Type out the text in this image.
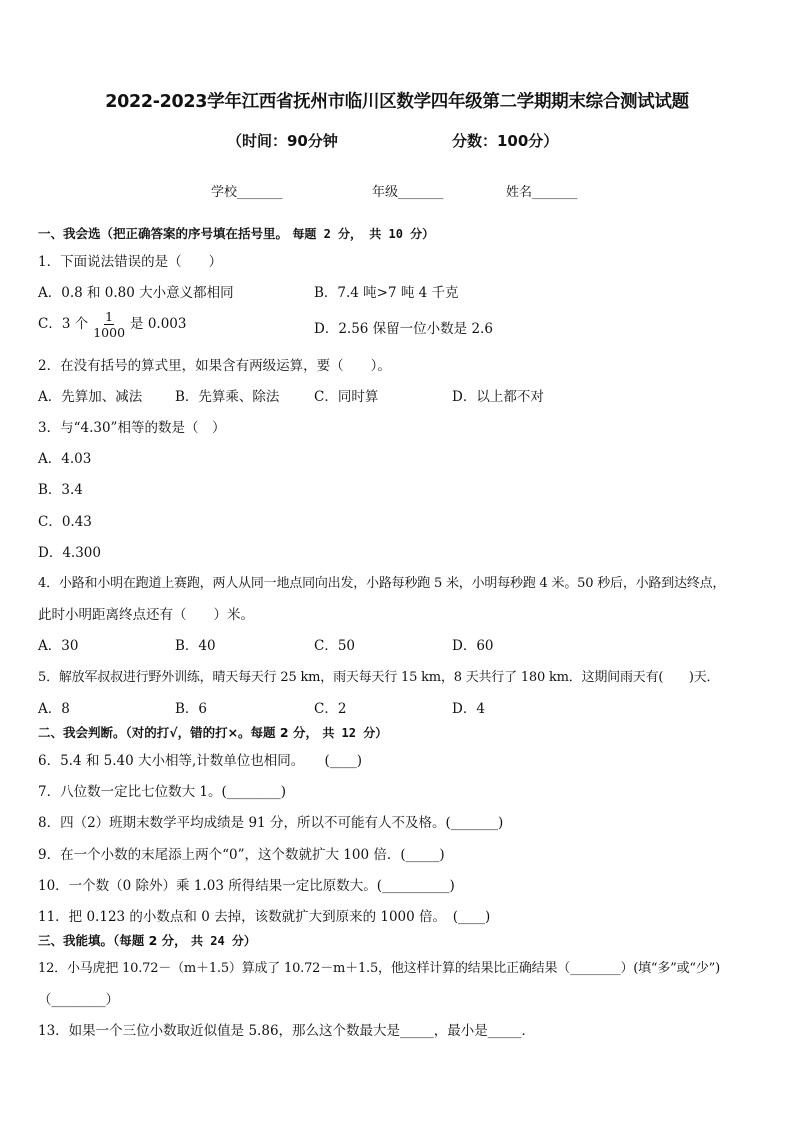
2022-2023学年江西省抚州市临川区数学四年级第二学期期末综合测试试题
（时间：90分钟	分数：100分）
学校_______	年级_______	姓名_______
一、我会选（把正确答案的序号填在括号里。 每题 2 分， 共 10 分）
1．下面说法错误的是（　　）
A．0.8 和 0.80 大小意义都相同	B．7.4 吨>7 吨 4 千克
C．3 个 $\frac{1}{1000}$ 是 0.003	D．2.56 保留一位小数是 2.6
2．在没有括号的算式里，如果含有两级运算，要（　　）。
A．先算加、减法 B．先算乘、除法	C．同时算	D．以上都不对
3．与“4.30”相等的数是（　）
A．4.03
B．3.4
C．0.43
D．4.300
4．小路和小明在跑道上赛跑，两人从同一地点同向出发，小路每秒跑 5 米，小明每秒跑 4 米。50 秒后，小路到达终点，
此时小明距离终点还有（　　）米。
A．30	B．40	C．50	D．60
5．解放军叔叔进行野外训练，晴天每天行 25 km，雨天每天行 15 km，8 天共行了 180 km．这期间雨天有(　　)天．
A．8	B．6	C．2	D．4
二、我会判断。（对的打√，错的打×。每题 2 分， 共 12 分）
6．5.4 和 5.40 大小相等,计数单位也相同。　　(____)
7．八位数一定比七位数大 1。(________)
8．四（2）班期末数学平均成绩是 91 分，所以不可能有人不及格。(_______)
9．在一个小数的末尾添上两个“0”，这个数就扩大 100 倍．(_____)
10．一个数（0 除外）乘 1.03 所得结果一定比原数大。(__________)
11．把 0.123 的小数点和 0 去掉，该数就扩大到原来的 1000 倍。　(____)
三、我能填。（每题 2 分， 共 24 分）
12．小马虎把 10.72－（m＋1.5）算成了 10.72－m＋1.5，他这样计算的结果比正确结果（________）(填“多”或“少”)
（________）
13．如果一个三位小数取近似值是 5.86，那么这个数最大是_____，最小是_____．
